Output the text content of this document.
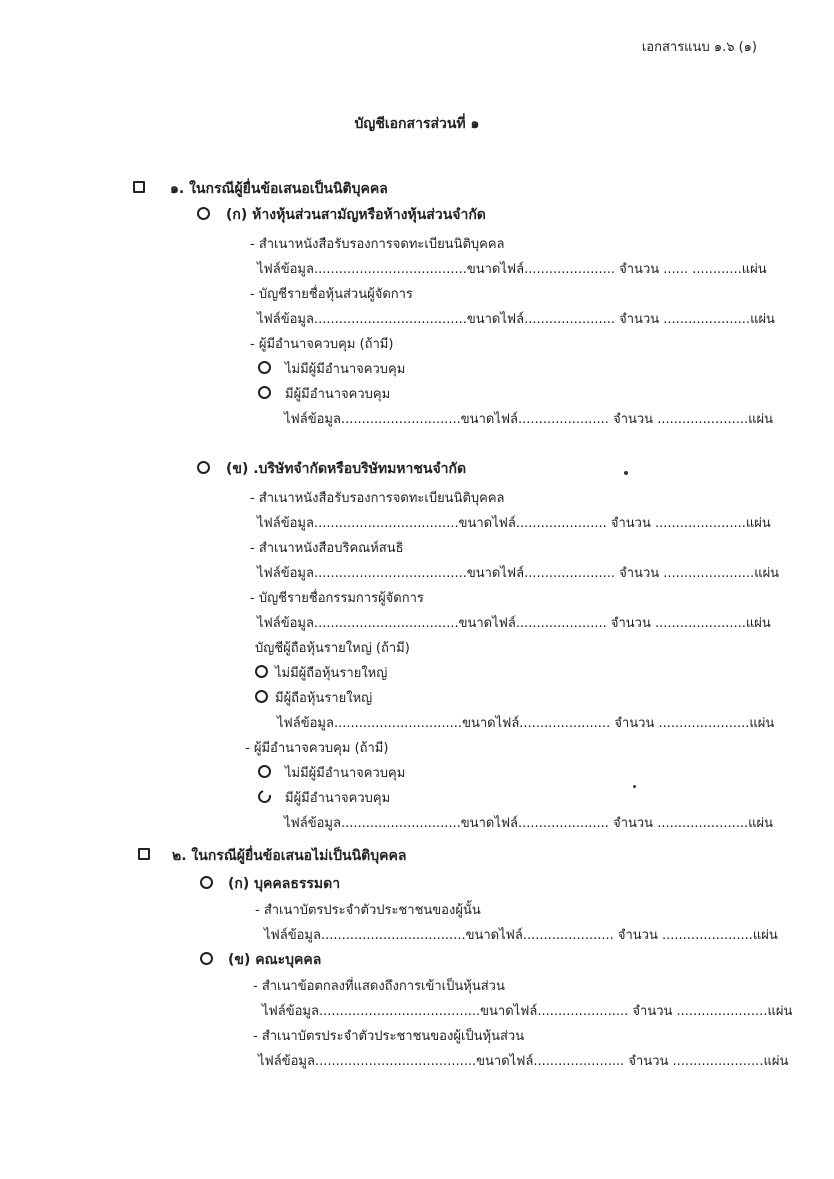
เอกสารแนบ ๑.๖ (๑)
บัญชีเอกสารส่วนที่ ๑
๑. ในกรณีผู้ยื่นข้อเสนอเป็นนิติบุคคล
(ก) ห้างหุ้นส่วนสามัญหรือห้างหุ้นส่วนจำกัด
- สำเนาหนังสือรับรองการจดทะเบียนนิติบุคคล
ไฟล์ข้อมูล.....................................ขนาดไฟล์...................... จำนวน ...... ............แผ่น
- บัญชีรายชื่อหุ้นส่วนผู้จัดการ
ไฟล์ข้อมูล.....................................ขนาดไฟล์...................... จำนวน .....................แผ่น
- ผู้มีอำนาจควบคุม (ถ้ามี)
ไม่มีผู้มีอำนาจควบคุม
มีผู้มีอำนาจควบคุม
ไฟล์ข้อมูล.............................ขนาดไฟล์...................... จำนวน ......................แผ่น
(ข) .บริษัทจำกัดหรือบริษัทมหาชนจำกัด
- สำเนาหนังสือรับรองการจดทะเบียนนิติบุคคล
ไฟล์ข้อมูล...................................ขนาดไฟล์...................... จำนวน ......................แผ่น
- สำเนาหนังสือบริคณห์สนธิ
ไฟล์ข้อมูล.....................................ขนาดไฟล์...................... จำนวน ......................แผ่น
- บัญชีรายชื่อกรรมการผู้จัดการ
ไฟล์ข้อมูล...................................ขนาดไฟล์...................... จำนวน ......................แผ่น
บัญชีผู้ถือหุ้นรายใหญ่ (ถ้ามี)
ไม่มีผู้ถือหุ้นรายใหญ่
มีผู้ถือหุ้นรายใหญ่
ไฟล์ข้อมูล...............................ขนาดไฟล์...................... จำนวน ......................แผ่น
- ผู้มีอำนาจควบคุม (ถ้ามี)
ไม่มีผู้มีอำนาจควบคุม
มีผู้มีอำนาจควบคุม
ไฟล์ข้อมูล.............................ขนาดไฟล์...................... จำนวน ......................แผ่น
๒. ในกรณีผู้ยื่นข้อเสนอไม่เป็นนิติบุคคล
(ก) บุคคลธรรมดา
- สำเนาบัตรประจำตัวประชาชนของผู้นั้น
ไฟล์ข้อมูล...................................ขนาดไฟล์...................... จำนวน ......................แผ่น
(ข) คณะบุคคล
- สำเนาข้อตกลงที่แสดงถึงการเข้าเป็นหุ้นส่วน
ไฟล์ข้อมูล.......................................ขนาดไฟล์...................... จำนวน ......................แผ่น
- สำเนาบัตรประจำตัวประชาชนของผู้เป็นหุ้นส่วน
ไฟล์ข้อมูล.......................................ขนาดไฟล์...................... จำนวน ......................แผ่น
